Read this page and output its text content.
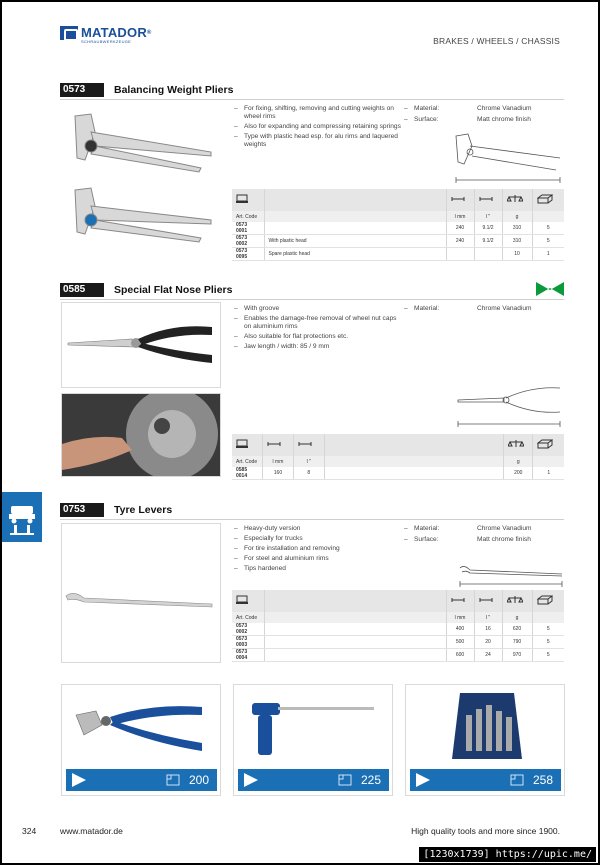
MATADOR®
SCHRAUBWERKZEUGE	BRAKES / WHEELS / CHASSIS
0573	Balancing Weight Pliers
– For fixing, shifting, removing and cutting weights on wheel rims
– Also for expanding and compressing retaining springs
– Type with plastic head esp. for alu rims and laquered weights
– Material:	Chrome Vanadium
– Surface:	Matt chrome finish

Art. Code		l mm	l "	g	
0573 0001		240	9.1/2	310	5
0573 0002	With plastic head	240	9.1/2	310	5
0573 0095	Spare plastic head			10	1
0585	Special Flat Nose Pliers
– With groove
– Enables the damage-free removal of wheel nut caps on aluminium rims
– Also suitable for flat protections etc.
– Jaw length / width: 85 / 9 mm
– Material:	Chrome Vanadium

Art. Code	l mm	l "		g	
0585 0014	160	8		200	1
0753	Tyre Levers
– Heavy-duty version
– Especially for trucks
– For tire installation and removing
– For steel and aluminium rims
– Tips hardened
– Material:	Chrome Vanadium
– Surface:	Matt chrome finish

Art. Code		l mm	l "	g	
0573 0002		400	16	620	5
0573 0003		500	20	790	5
0573 0004		600	24	970	5
200	225	258
324	www.matador.de	High quality tools and more since 1900.
[1230x1739] https://upic.me/
